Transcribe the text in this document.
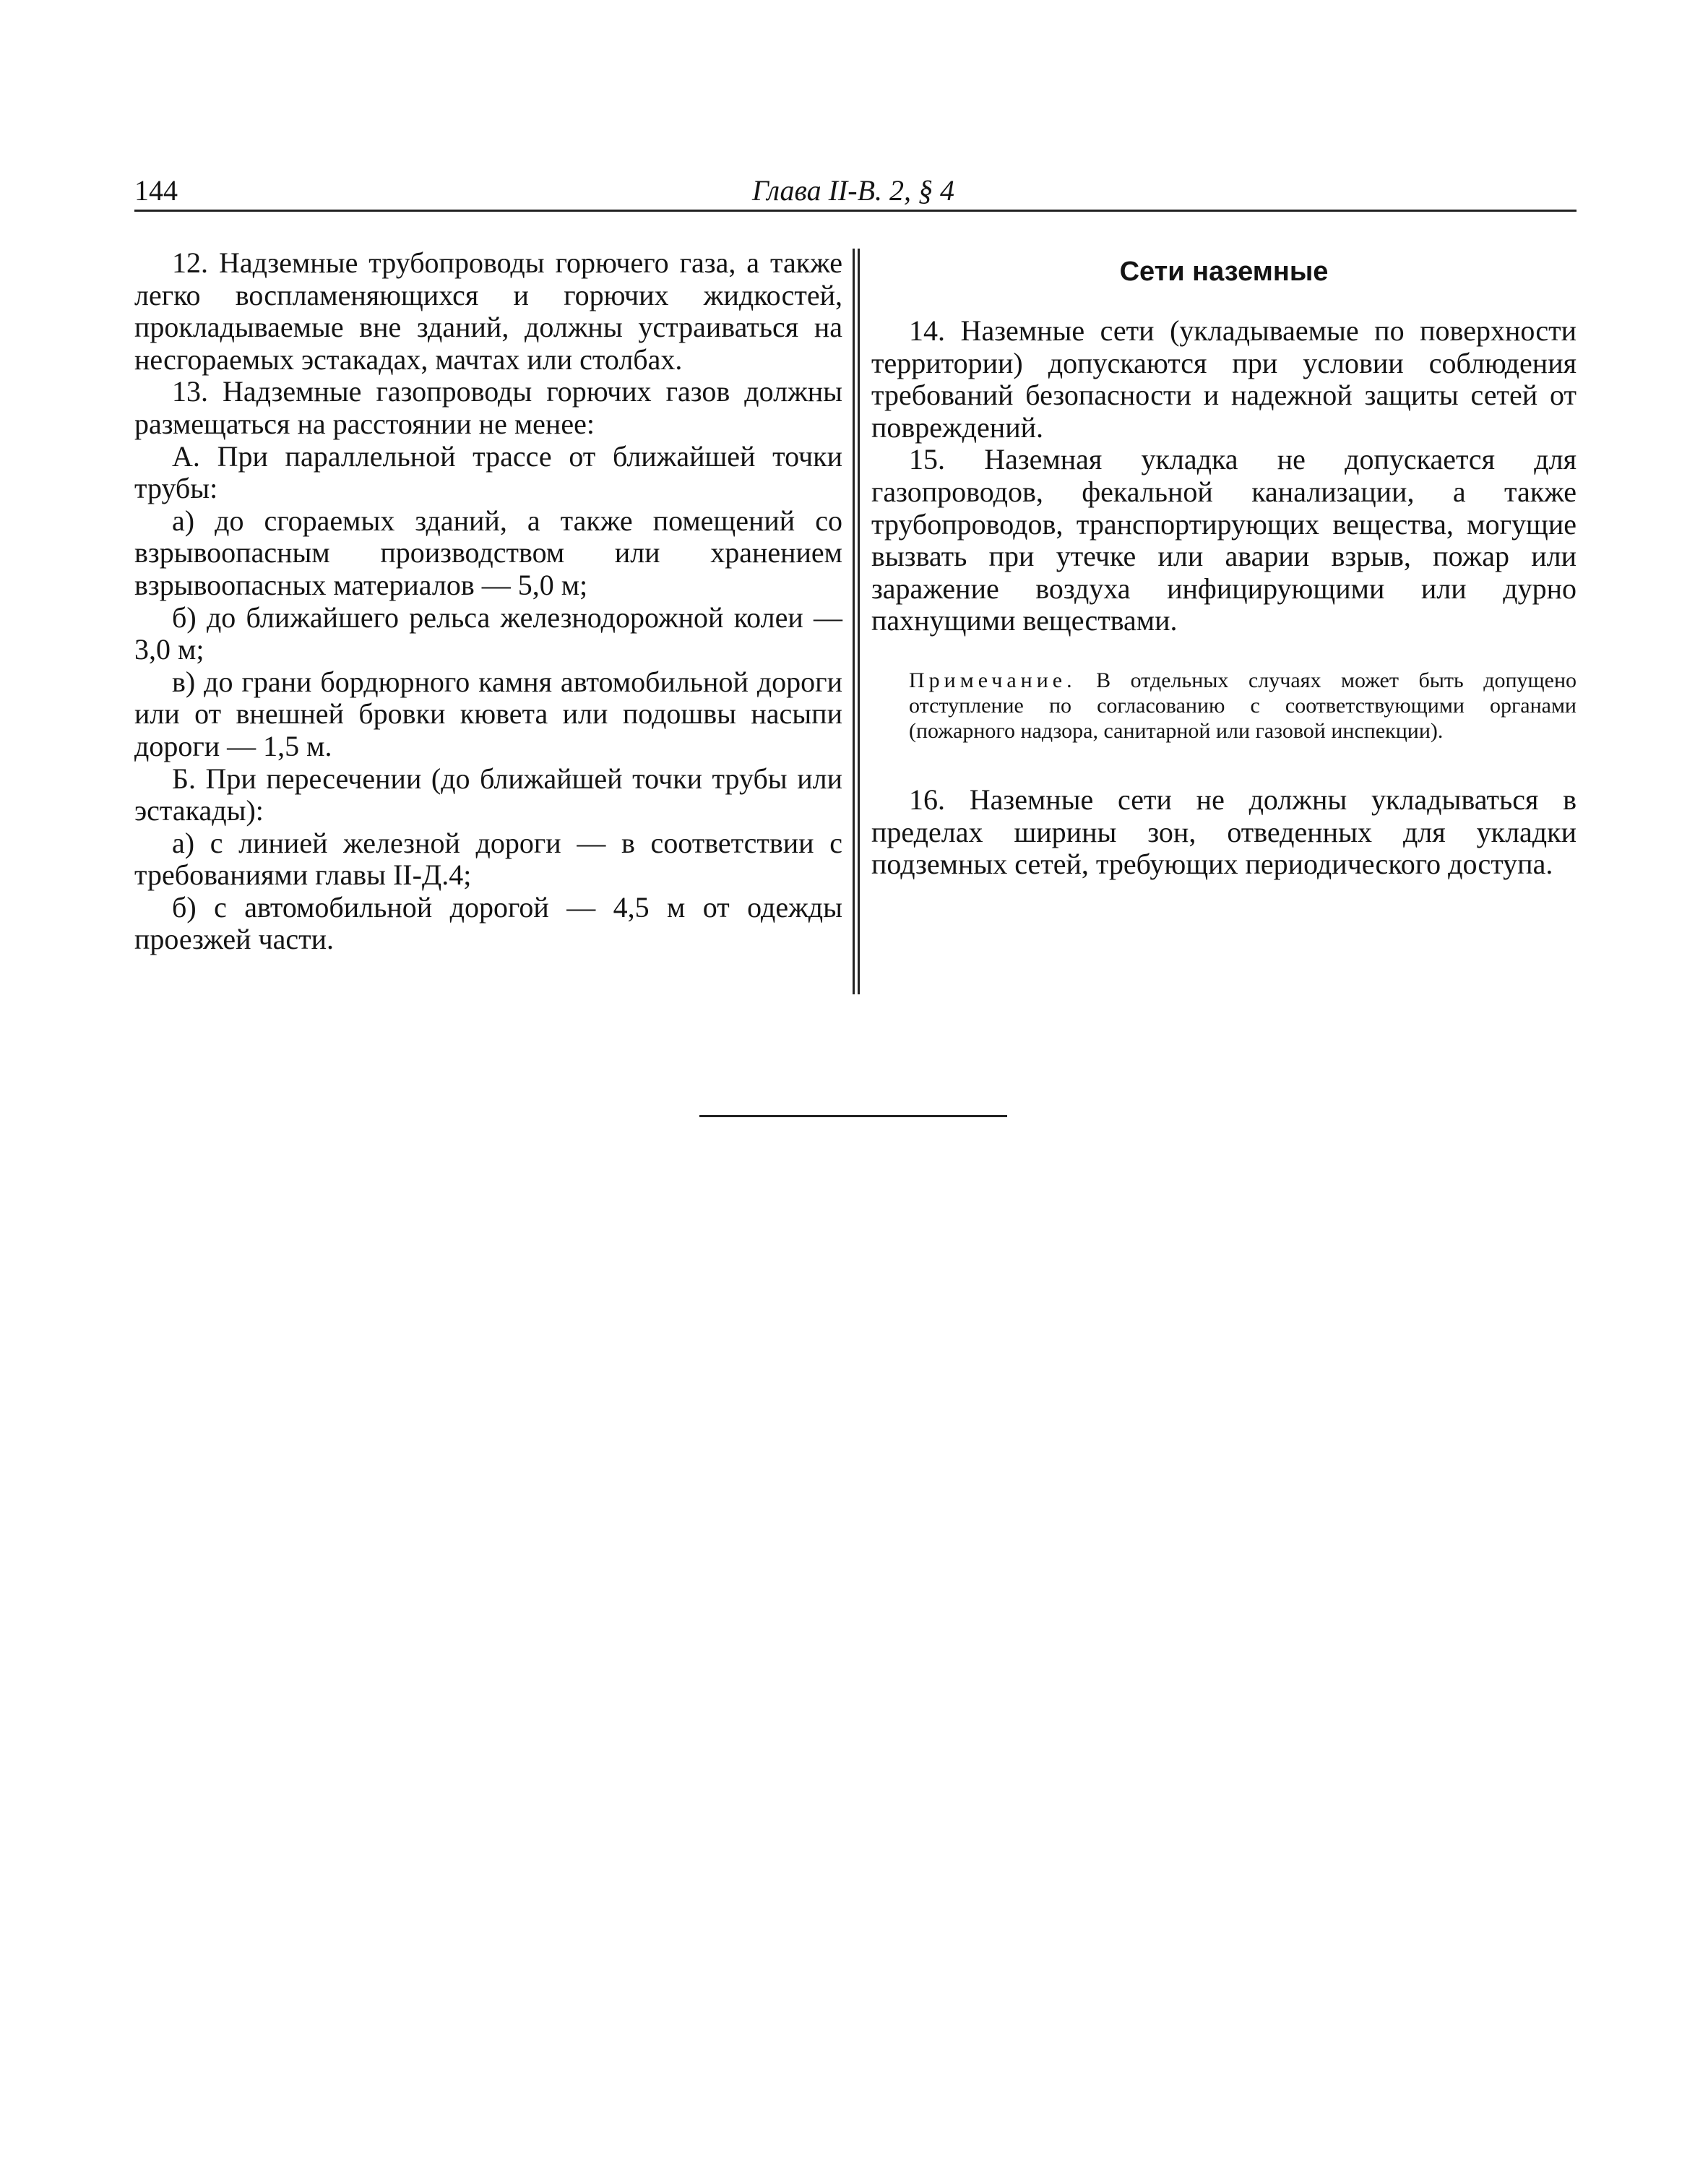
144	Глава II-В. 2, § 4

12. Надземные трубопроводы горючего газа, а также легко воспламеняющихся и горючих жидкостей, прокладываемые вне зданий, должны устраиваться на несгораемых эстакадах, мачтах или столбах.

13. Надземные газопроводы горючих газов должны размещаться на расстоянии не менее:

А. При параллельной трассе от ближайшей точки трубы:

а) до сгораемых зданий, а также помещений со взрывоопасным производством или хранением взрывоопасных материалов — 5,0 м;

б) до ближайшего рельса железнодорожной колеи — 3,0 м;

в) до грани бордюрного камня автомобильной дороги или от внешней бровки кювета или подошвы насыпи дороги — 1,5 м.

Б. При пересечении (до ближайшей точки трубы или эстакады):

а) с линией железной дороги — в соответствии с требованиями главы II-Д.4;

б) с автомобильной дорогой — 4,5 м от одежды проезжей части.

Сети наземные

14. Наземные сети (укладываемые по поверхности территории) допускаются при условии соблюдения требований безопасности и надежной защиты сетей от повреждений.

15. Наземная укладка не допускается для газопроводов, фекальной канализации, а также трубопроводов, транспортирующих вещества, могущие вызвать при утечке или аварии взрыв, пожар или заражение воздуха инфицирующими или дурно пахнущими веществами.

Примечание. В отдельных случаях может быть допущено отступление по согласованию с соответствующими органами (пожарного надзора, санитарной или газовой инспекции).

16. Наземные сети не должны укладываться в пределах ширины зон, отведенных для укладки подземных сетей, требующих периодического доступа.
